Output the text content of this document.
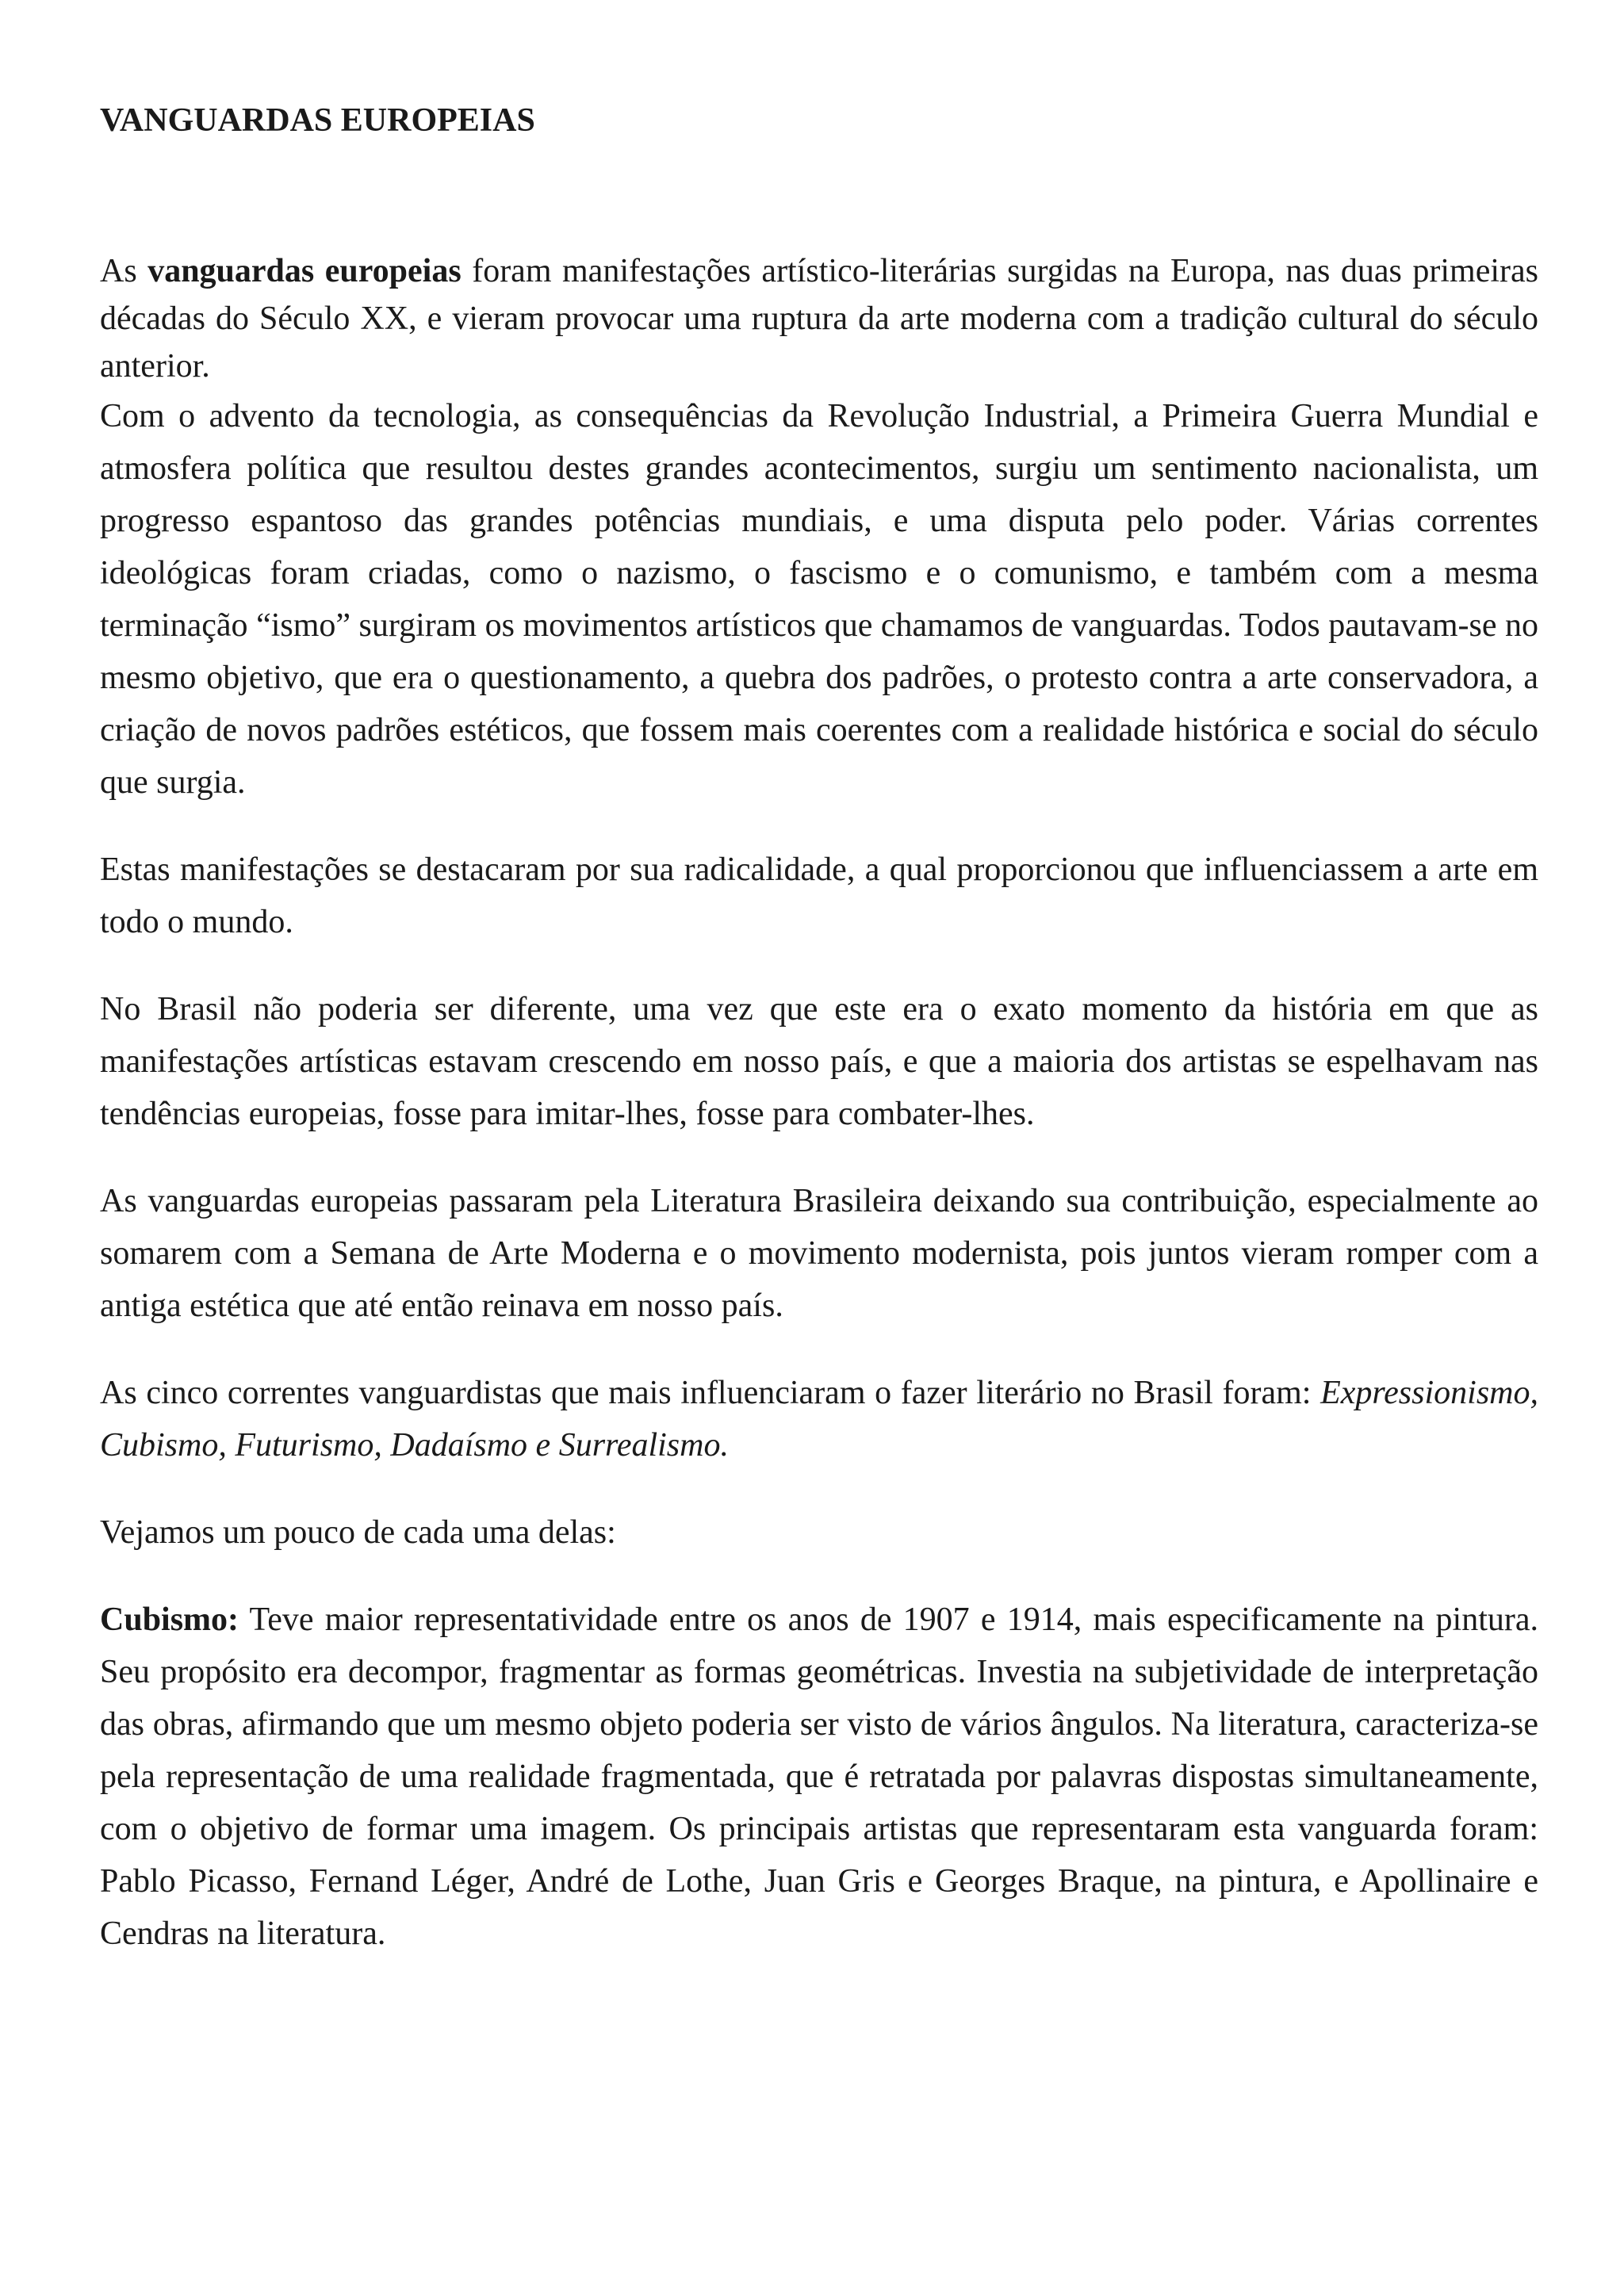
VANGUARDAS EUROPEIAS

As vanguardas europeias foram manifestações artístico-literárias surgidas na Europa, nas duas primeiras décadas do Século XX, e vieram provocar uma ruptura da arte moderna com a tradição cultural do século anterior.

Com o advento da tecnologia, as consequências da Revolução Industrial, a Primeira Guerra Mundial e atmosfera política que resultou destes grandes acontecimentos, surgiu um sentimento nacionalista, um progresso espantoso das grandes potências mundiais, e uma disputa pelo poder. Várias correntes ideológicas foram criadas, como o nazismo, o fascismo e o comunismo, e também com a mesma terminação “ismo” surgiram os movimentos artísticos que chamamos de vanguardas. Todos pautavam-se no mesmo objetivo, que era o questionamento, a quebra dos padrões, o protesto contra a arte conservadora, a criação de novos padrões estéticos, que fossem mais coerentes com a realidade histórica e social do século que surgia.

Estas manifestações se destacaram por sua radicalidade, a qual proporcionou que influenciassem a arte em todo o mundo.

No Brasil não poderia ser diferente, uma vez que este era o exato momento da história em que as manifestações artísticas estavam crescendo em nosso país, e que a maioria dos artistas se espelhavam nas tendências europeias, fosse para imitar-lhes, fosse para combater-lhes.

As vanguardas europeias passaram pela Literatura Brasileira deixando sua contribuição, especialmente ao somarem com a Semana de Arte Moderna e o movimento modernista, pois juntos vieram romper com a antiga estética que até então reinava em nosso país.

As cinco correntes vanguardistas que mais influenciaram o fazer literário no Brasil foram: Expressionismo, Cubismo, Futurismo, Dadaísmo e Surrealismo.

Vejamos um pouco de cada uma delas:

Cubismo: Teve maior representatividade entre os anos de 1907 e 1914, mais especificamente na pintura. Seu propósito era decompor, fragmentar as formas geométricas. Investia na subjetividade de interpretação das obras, afirmando que um mesmo objeto poderia ser visto de vários ângulos. Na literatura, caracteriza-se pela representação de uma realidade fragmentada, que é retratada por palavras dispostas simultaneamente, com o objetivo de formar uma imagem. Os principais artistas que representaram esta vanguarda foram: Pablo Picasso, Fernand Léger, André de Lothe, Juan Gris e Georges Braque, na pintura, e Apollinaire e Cendras na literatura.
